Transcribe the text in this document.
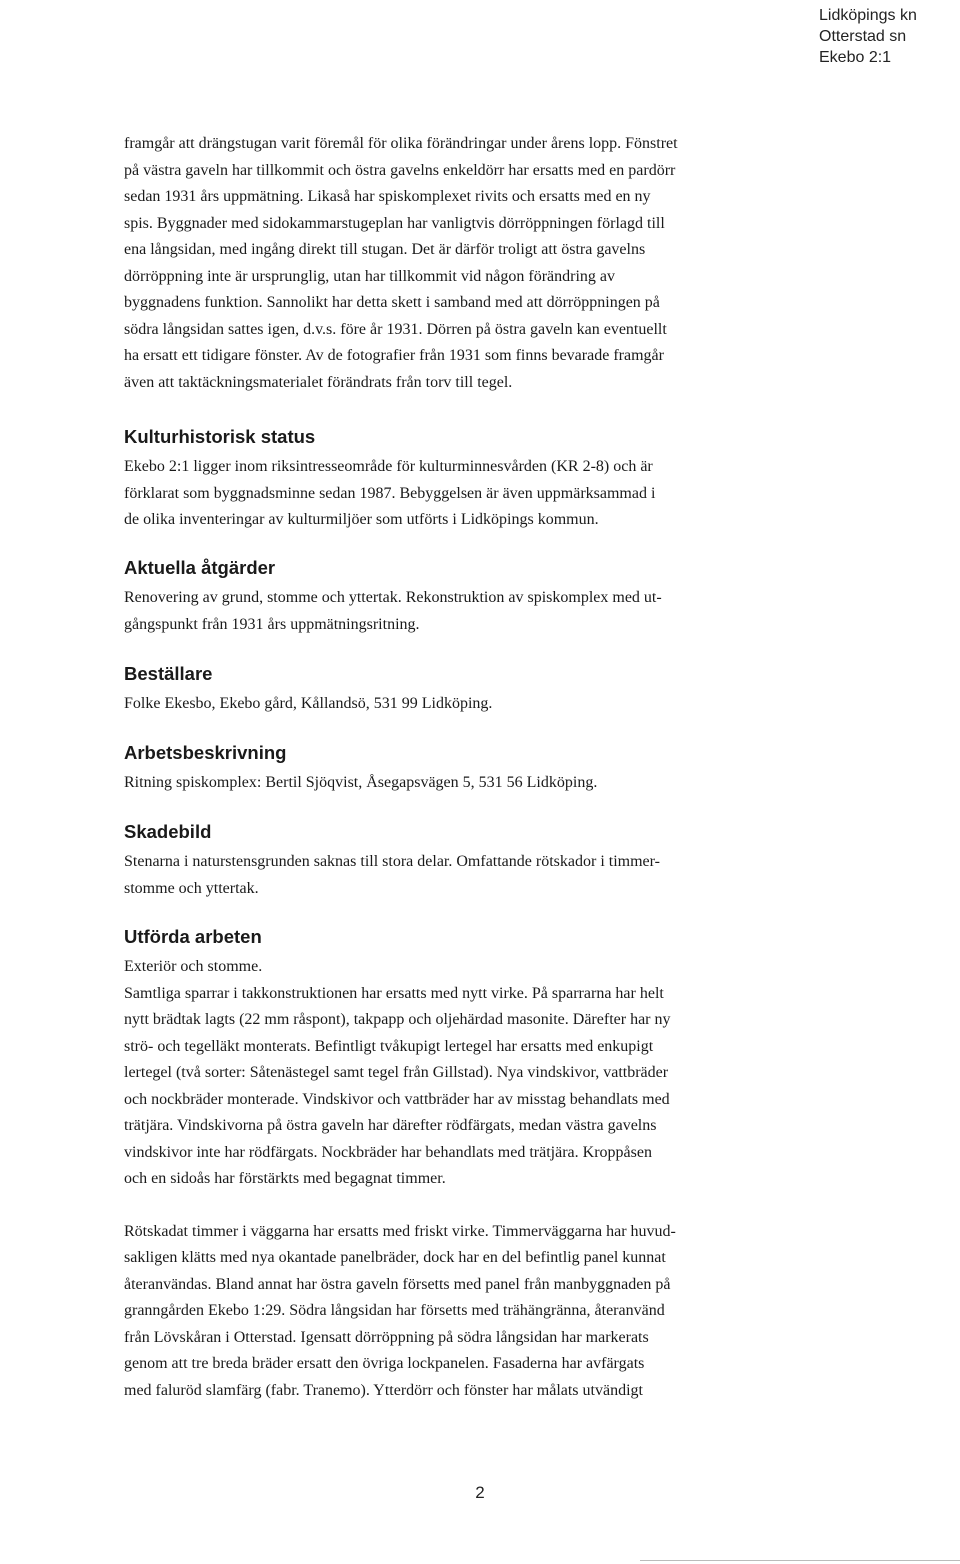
Lidköpings kn
Otterstad sn
Ekebo 2:1

framgår att drängstugan varit föremål för olika förändringar under årens lopp. Fönstret
på västra gaveln har tillkommit och östra gavelns enkeldörr har ersatts med en pardörr
sedan 1931 års uppmätning. Likaså har spiskomplexet rivits och ersatts med en ny
spis. Byggnader med sidokammarstugeplan har vanligtvis dörröppningen förlagd till
ena långsidan, med ingång direkt till stugan. Det är därför troligt att östra gavelns
dörröppning inte är ursprunglig, utan har tillkommit vid någon förändring av
byggnadens funktion. Sannolikt har detta skett i samband med att dörröppningen på
södra långsidan sattes igen, d.v.s. före år 1931. Dörren på östra gaveln kan eventuellt
ha ersatt ett tidigare fönster. Av de fotografier från 1931 som finns bevarade framgår
även att taktäckningsmaterialet förändrats från torv till tegel.

Kulturhistorisk status

Ekebo 2:1 ligger inom riksintresseområde för kulturminnesvården (KR 2-8) och är
förklarat som byggnadsminne sedan 1987. Bebyggelsen är även uppmärksammad i
de olika inventeringar av kulturmiljöer som utförts i Lidköpings kommun.

Aktuella åtgärder

Renovering av grund, stomme och yttertak. Rekonstruktion av spiskomplex med ut-
gångspunkt från 1931 års uppmätningsritning.

Beställare

Folke Ekesbo, Ekebo gård, Kållandsö, 531 99 Lidköping.

Arbetsbeskrivning

Ritning spiskomplex: Bertil Sjöqvist, Åsegapsvägen 5, 531 56 Lidköping.

Skadebild

Stenarna i naturstensgrunden saknas till stora delar. Omfattande rötskador i timmer-
stomme och yttertak.

Utförda arbeten

Exteriör och stomme.
Samtliga sparrar i takkonstruktionen har ersatts med nytt virke. På sparrarna har helt
nytt brädtak lagts (22 mm råspont), takpapp och oljehärdad masonite. Därefter har ny
strö- och tegelläkt monterats. Befintligt tvåkupigt lertegel har ersatts med enkupigt
lertegel (två sorter: Såtenästegel samt tegel från Gillstad). Nya vindskivor, vattbräder
och nockbräder monterade. Vindskivor och vattbräder har av misstag behandlats med
trätjära. Vindskivorna på östra gaveln har därefter rödfärgats, medan västra gavelns
vindskivor inte har rödfärgats. Nockbräder har behandlats med trätjära. Kroppåsen
och en sidoås har förstärkts med begagnat timmer.

Rötskadat timmer i väggarna har ersatts med friskt virke. Timmerväggarna har huvud-
sakligen klätts med nya okantade panelbräder, dock har en del befintlig panel kunnat
återanvändas. Bland annat har östra gaveln försetts med panel från manbyggnaden på
granngården Ekebo 1:29. Södra långsidan har försetts med trähängränna, återanvänd
från Lövskåran i Otterstad. Igensatt dörröppning på södra långsidan har markerats
genom att tre breda bräder ersatt den övriga lockpanelen. Fasaderna har avfärgats
med faluröd slamfärg (fabr. Tranemo). Ytterdörr och fönster har målats utvändigt

2
